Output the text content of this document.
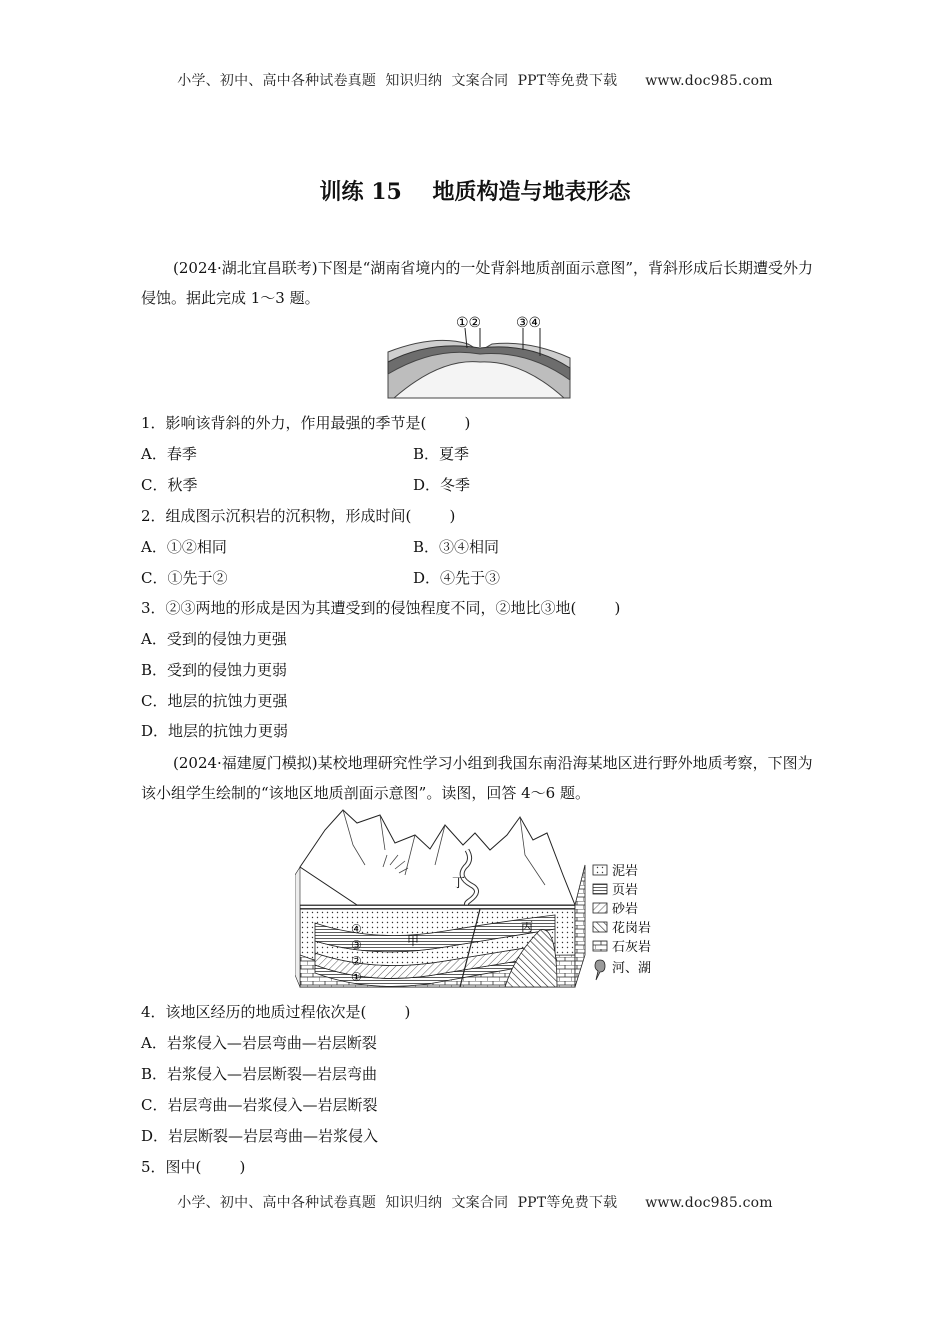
小学、初中、高中各种试卷真题  知识归纳  文案合同  PPT等免费下载      www.doc985.com
训练 15    地质构造与地表形态
(2024·湖北宜昌联考)下图是“湖南省境内的一处背斜地质剖面示意图”，背斜形成后长期遭受外力侵蚀。据此完成 1～3 题。
①② ③④
1．影响该背斜的外力，作用最强的季节是(        )
A．春季	B．夏季
C．秋季	D．冬季
2．组成图示沉积岩的沉积物，形成时间(        )
A．①②相同	B．③④相同
C．①先于②	D．④先于③
3．②③两地的形成是因为其遭受到的侵蚀程度不同，②地比③地(        )
A．受到的侵蚀力更强
B．受到的侵蚀力更弱
C．地层的抗蚀力更强
D．地层的抗蚀力更弱
(2024·福建厦门模拟)某校地理研究性学习小组到我国东南沿海某地区进行野外地质考察，下图为该小组学生绘制的“该地区地质剖面示意图”。读图，回答 4～6 题。
丁
甲
丙
④
③
②
①
泥岩
页岩
砂岩
花岗岩
石灰岩
河、湖
4．该地区经历的地质过程依次是(        )
A．岩浆侵入—岩层弯曲—岩层断裂
B．岩浆侵入—岩层断裂—岩层弯曲
C．岩层弯曲—岩浆侵入—岩层断裂
D．岩层断裂—岩层弯曲—岩浆侵入
5．图中(        )
小学、初中、高中各种试卷真题  知识归纳  文案合同  PPT等免费下载      www.doc985.com
